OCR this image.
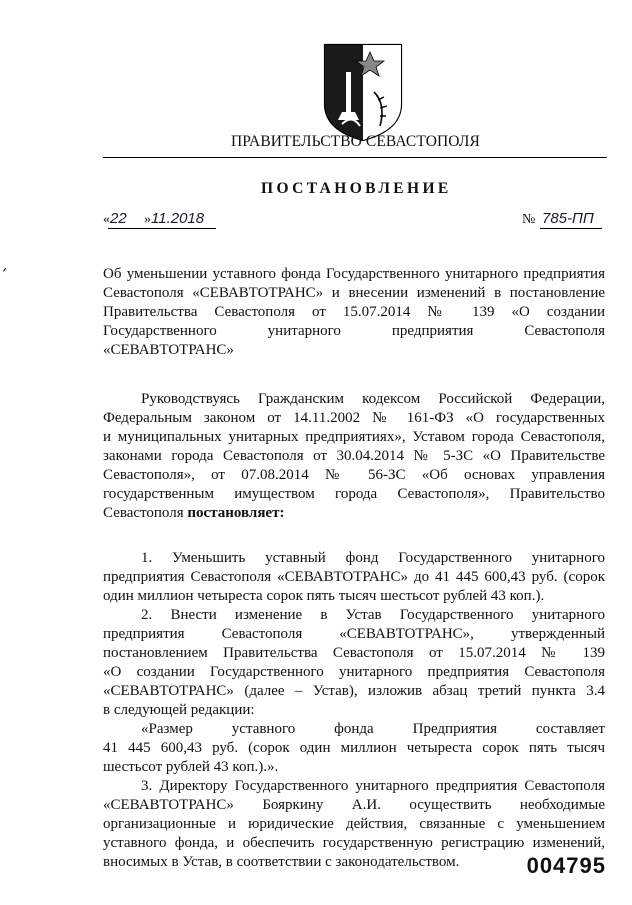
ПРАВИТЕЛЬСТВО СЕВАСТОПОЛЯ
ПОСТАНОВЛЕНИЕ
« 22 » 11.2018	№ 785-ПП
Об уменьшении уставного фонда Государственного унитарного предприятия
Севастополя «СЕВАВТОТРАНС» и внесении изменений в постановление
Правительства Севастополя от 15.07.2014 № 139 «О создании
Государственного унитарного предприятия Севастополя
«СЕВАВТОТРАНС»
Руководствуясь Гражданским кодексом Российской Федерации,
Федеральным законом от 14.11.2002 № 161-ФЗ «О государственных
и муниципальных унитарных предприятиях», Уставом города Севастополя,
законами города Севастополя от 30.04.2014 № 5-ЗС «О Правительстве
Севастополя», от 07.08.2014 № 56-ЗС «Об основах управления
государственным имуществом города Севастополя», Правительство
Севастополя постановляет:
1. Уменьшить уставный фонд Государственного унитарного
предприятия Севастополя «СЕВАВТОТРАНС» до 41 445 600,43 руб. (сорок
один миллион четыреста сорок пять тысяч шестьсот рублей 43 коп.).
2. Внести изменение в Устав Государственного унитарного
предприятия Севастополя «СЕВАВТОТРАНС», утвержденный
постановлением Правительства Севастополя от 15.07.2014 № 139
«О создании Государственного унитарного предприятия Севастополя
«СЕВАВТОТРАНС» (далее – Устав), изложив абзац третий пункта 3.4
в следующей редакции:
«Размер уставного фонда Предприятия составляет
41 445 600,43 руб. (сорок один миллион четыреста сорок пять тысяч
шестьсот рублей 43 коп.).».
3. Директору Государственного унитарного предприятия Севастополя
«СЕВАВТОТРАНС» Бояркину А.И. осуществить необходимые
организационные и юридические действия, связанные с уменьшением
уставного фонда, и обеспечить государственную регистрацию изменений,
вносимых в Устав, в соответствии с законодательством.	004795
